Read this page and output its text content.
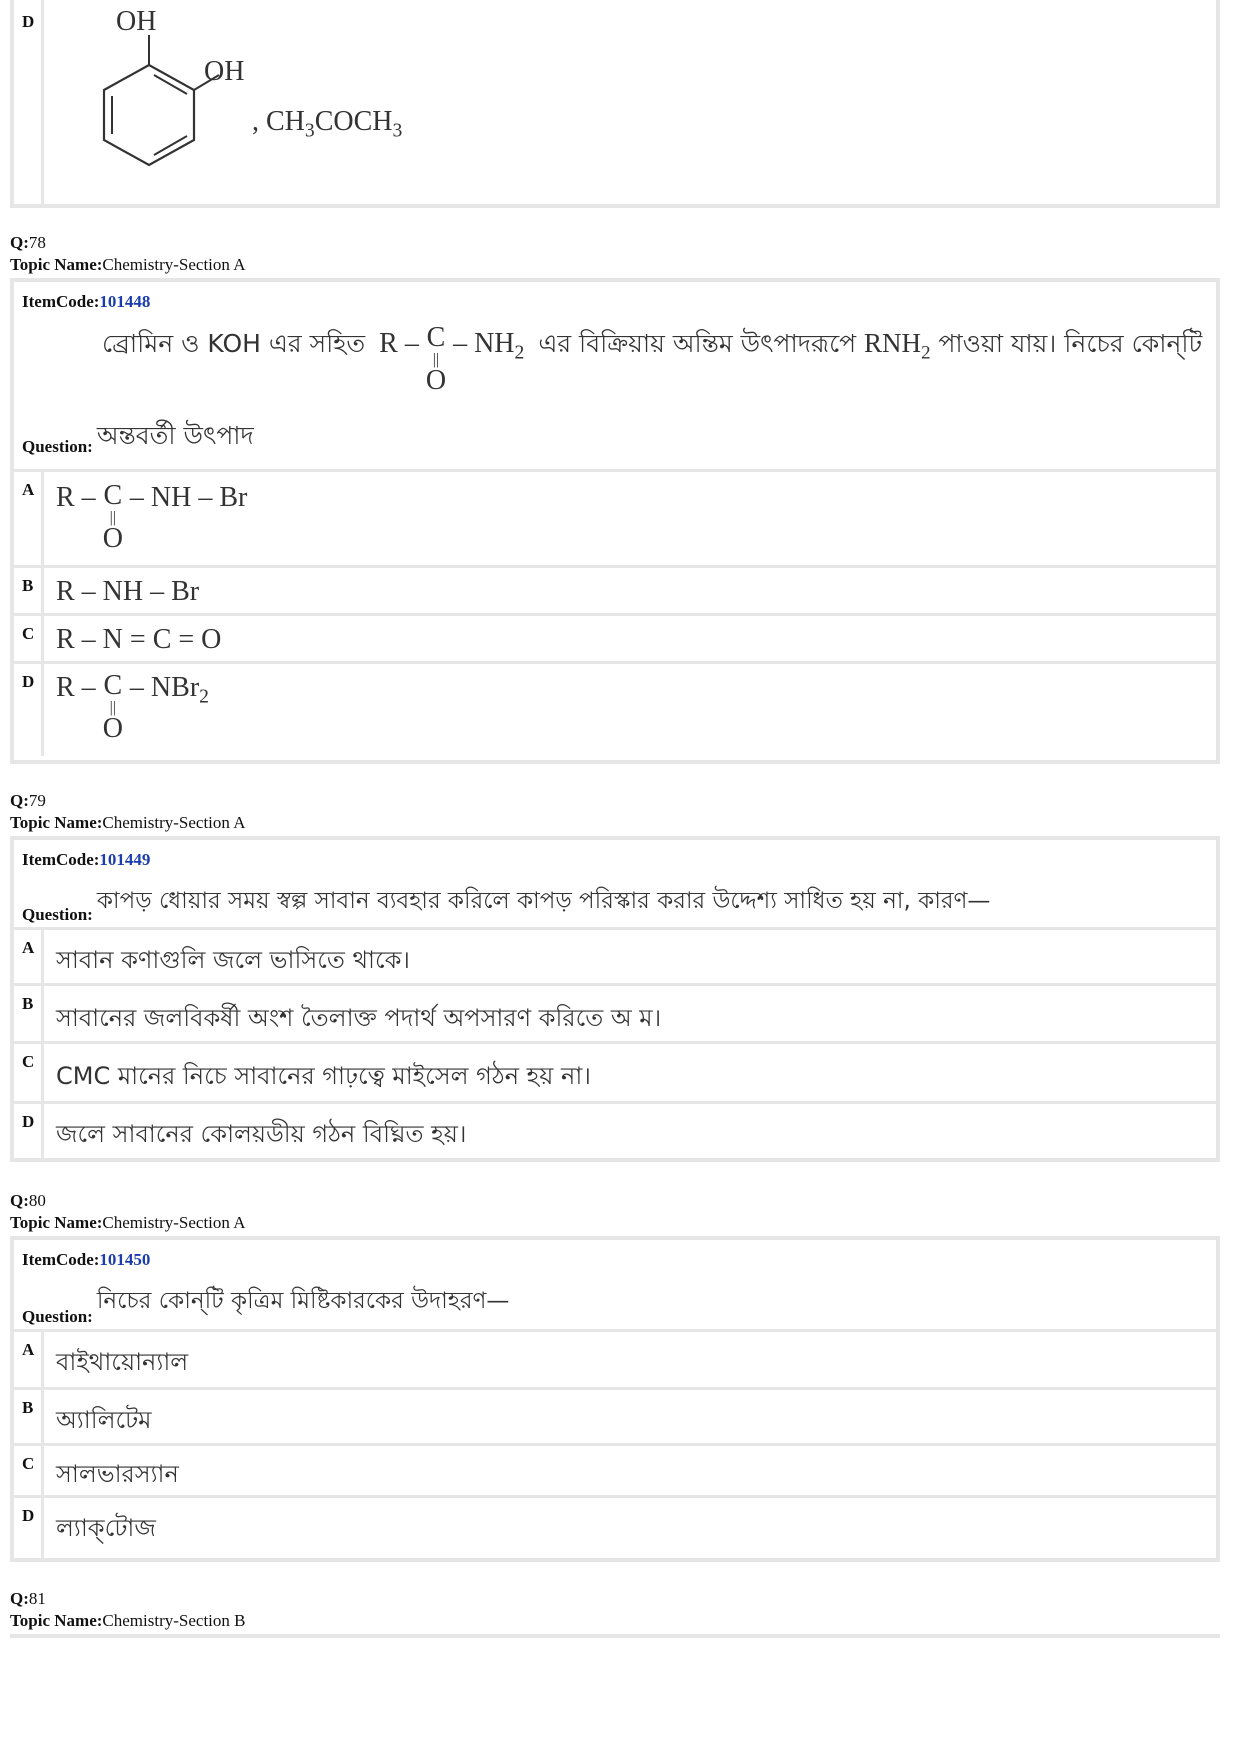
D	OH
OH
, $CH_3COCH_3$
Q:78
Topic Name:Chemistry-Section A
ItemCode:101448
ব্রোমিন ও KOH এর সহিত R – C
||
O
– $NH_2$ এর বিক্রিয়ায় অন্তিম উৎপাদরূপে $RNH_2$ পাওয়া যায়। নিচের কোন্‌টি
Question: অন্তবর্তী উৎপাদ
A R – C
||
O
– NH – Br
B R – NH – Br
C R – N = C = O
D R – C
||
O
– NBr$_2$
Q:79
Topic Name:Chemistry-Section A
ItemCode:101449
Question: কাপড় ধোয়ার সময় স্বল্প সাবান ব্যবহার করিলে কাপড় পরিস্কার করার উদ্দেশ্য সাধিত হয় না, কারণ—
A সাবান কণাগুলি জলে ভাসিতে থাকে।
B
সাবানের জলবিকর্ষী অংশ তৈলাক্ত পদার্থ অপসারণ করিতে অ ম।
C
CMC মানের নিচে সাবানের গাঢ়ত্বে মাইসেল গঠন হয় না।
D জলে সাবানের কোলয়ডীয় গঠন বিঘ্নিত হয়।
Q:80
Topic Name:Chemistry-Section A
ItemCode:101450
Question: নিচের কোন্‌টি কৃত্রিম মিষ্টিকারকের উদাহরণ—
A বাইথায়োন্যাল
B অ্যালিটেম
C সালভারস্যান
D ল্যাক্‌টোজ
Q:81
Topic Name:Chemistry-Section B
